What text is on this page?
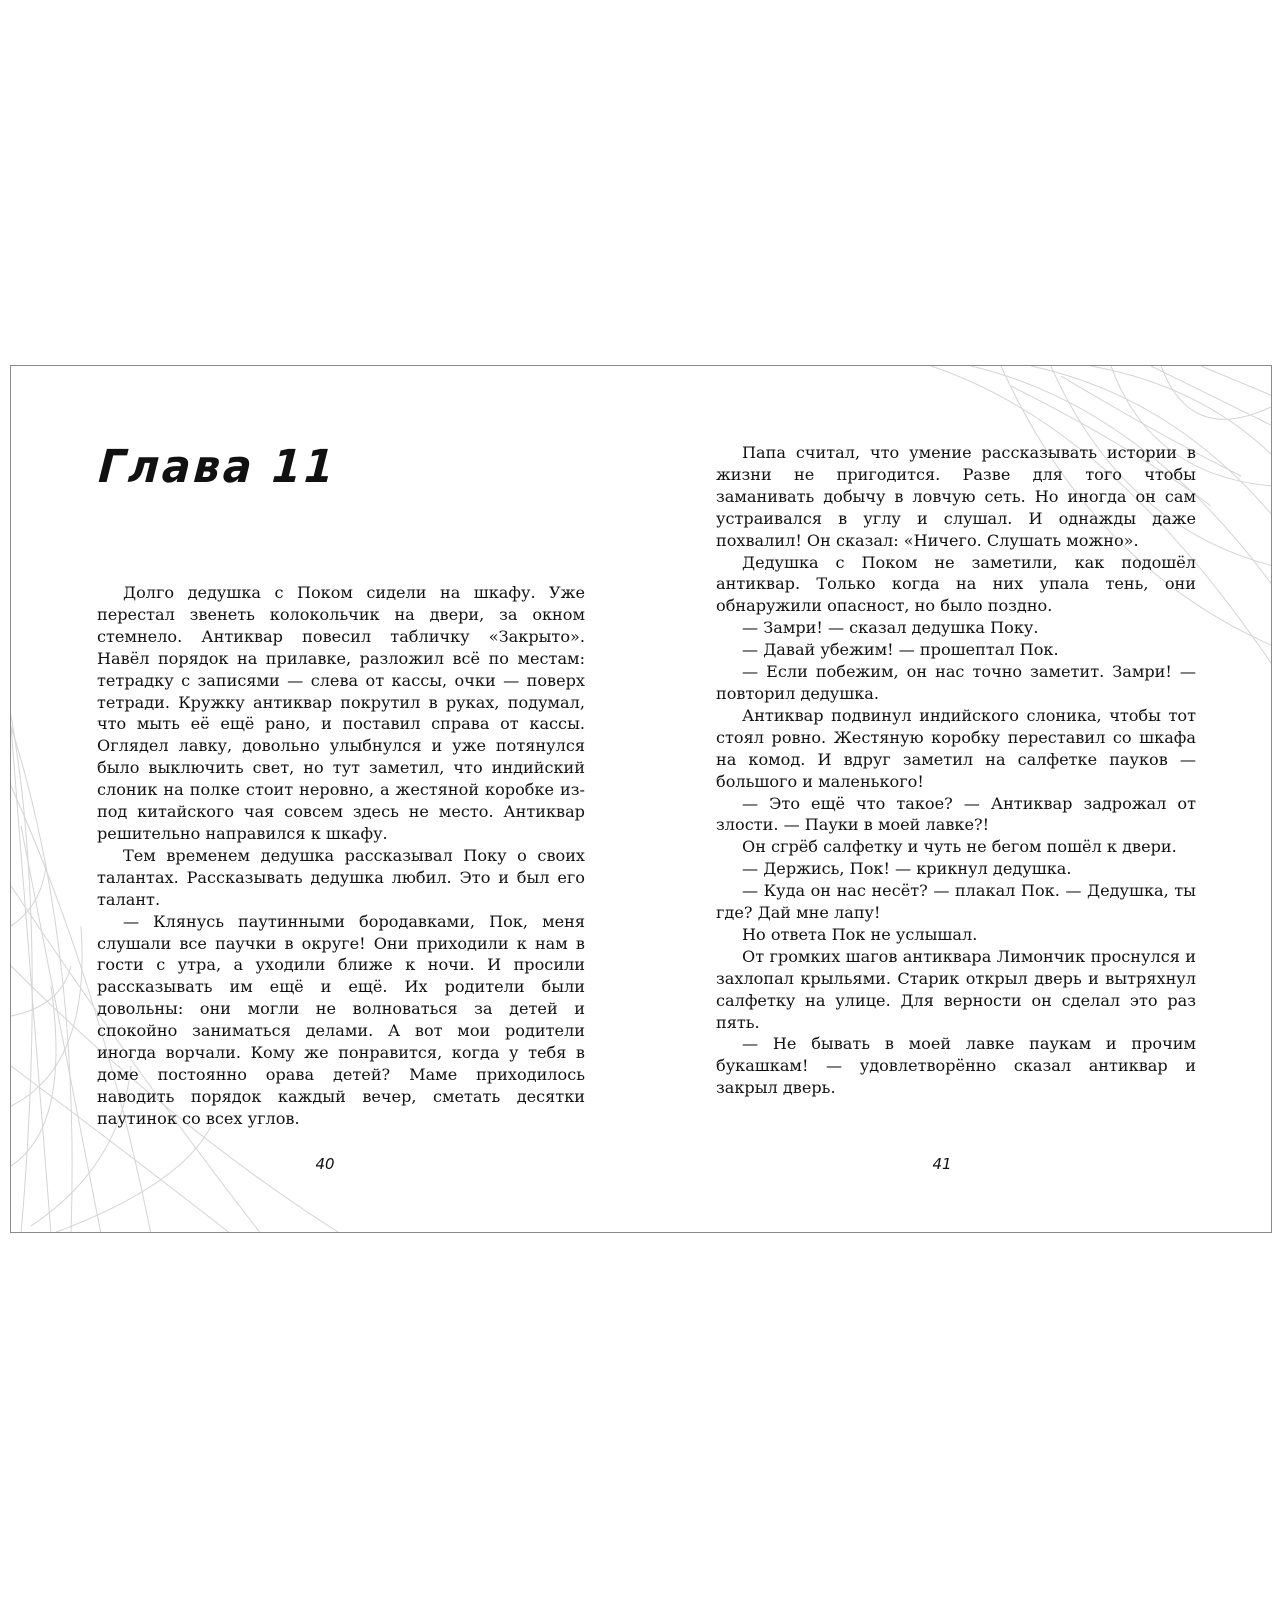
Глава 11

Долго дедушка с Поком сидели на шкафу. Уже перестал звенеть колокольчик на двери, за окном стемнело. Антиквар повесил табличку «Закрыто». Навёл порядок на прилавке, разложил всё по местам: тетрадку с записями — слева от кассы, очки — поверх тетради. Кружку антиквар покрутил в руках, подумал, что мыть её ещё рано, и поставил справа от кассы. Оглядел лавку, довольно улыбнулся и уже потянулся было выключить свет, но тут заметил, что индийский слоник на полке стоит неровно, а жестяной коробке из-под китайского чая совсем здесь не место. Антиквар решительно направился к шкафу.

Тем временем дедушка рассказывал Поку о своих талантах. Рассказывать дедушка любил. Это и был его талант.

— Клянусь паутинными бородавками, Пок, меня слушали все паучки в округе! Они приходили к нам в гости с утра, а уходили ближе к ночи. И просили рассказывать им ещё и ещё. Их родители были довольны: они могли не волноваться за детей и спокойно заниматься делами. А вот мои родители иногда ворчали. Кому же понравится, когда у тебя в доме постоянно орава детей? Маме приходилось наводить порядок каждый вечер, сметать десятки паутинок со всех углов.

40

Папа считал, что умение рассказывать истории в жизни не пригодится. Разве для того чтобы заманивать добычу в ловчую сеть. Но иногда он сам устраивался в углу и слушал. И однажды даже похвалил! Он сказал: «Ничего. Слушать можно».

Дедушка с Поком не заметили, как подошёл антиквар. Только когда на них упала тень, они обнаружили опасност, но было поздно.

— Замри! — сказал дедушка Поку.

— Давай убежим! — прошептал Пок.

— Если побежим, он нас точно заметит. Замри! — повторил дедушка.

Антиквар подвинул индийского слоника, чтобы тот стоял ровно. Жестяную коробку переставил со шкафа на комод. И вдруг заметил на салфетке пауков — большого и маленького!

— Это ещё что такое? — Антиквар задрожал от злости. — Пауки в моей лавке?!

Он сгрёб салфетку и чуть не бегом пошёл к двери.

— Держись, Пок! — крикнул дедушка.

— Куда он нас несёт? — плакал Пок. — Дедушка, ты где? Дай мне лапу!

Но ответа Пок не услышал.

От громких шагов антиквара Лимончик проснулся и захлопал крыльями. Старик открыл дверь и вытряхнул салфетку на улице. Для верности он сделал это раз пять.

— Не бывать в моей лавке паукам и прочим букашкам! — удовлетворённо сказал антиквар и закрыл дверь.

41
